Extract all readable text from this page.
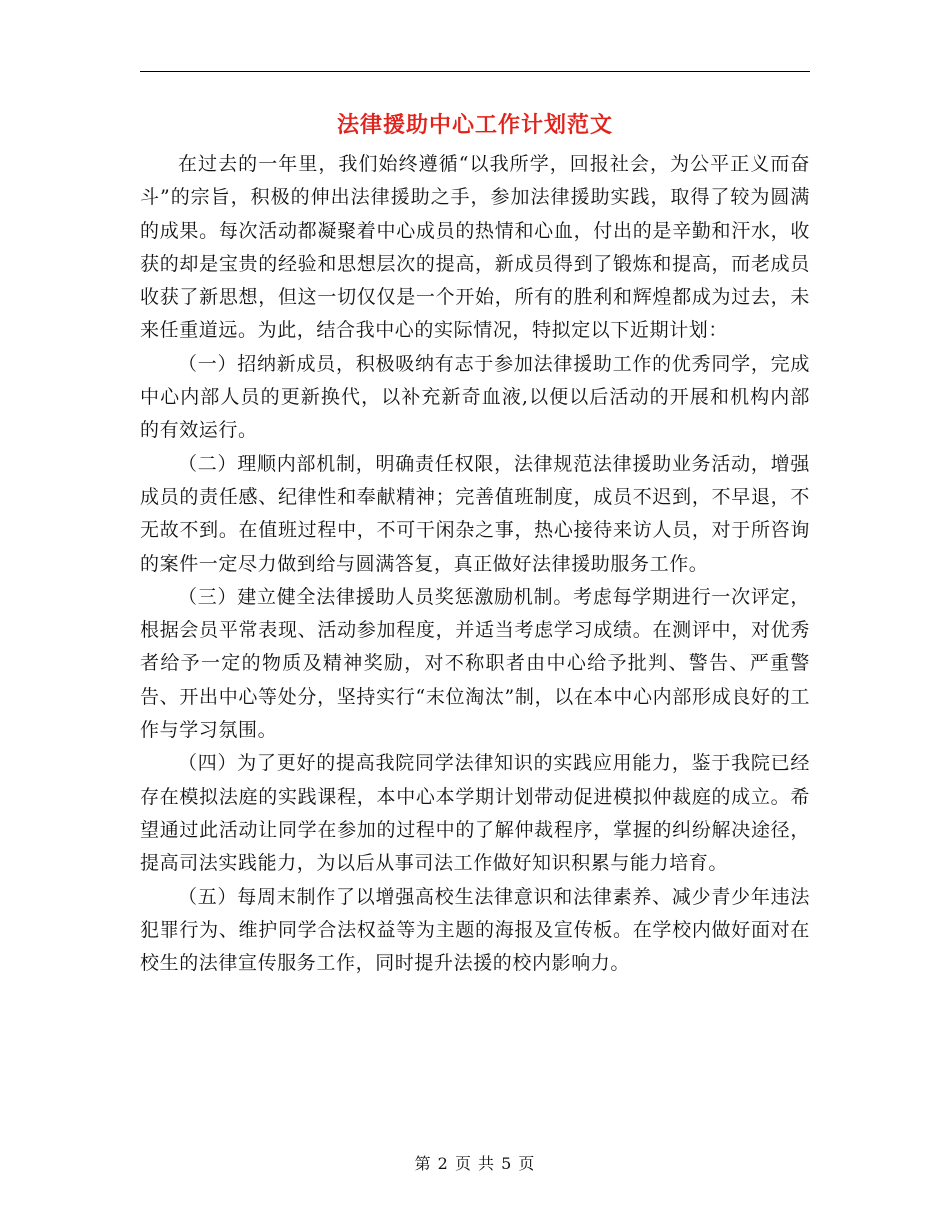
法律援助中心工作计划范文

在过去的一年里，我们始终遵循“以我所学，回报社会，为公平正义而奋斗”的宗旨，积极的伸出法律援助之手，参加法律援助实践，取得了较为圆满的成果。每次活动都凝聚着中心成员的热情和心血，付出的是辛勤和汗水，收获的却是宝贵的经验和思想层次的提高，新成员得到了锻炼和提高，而老成员收获了新思想，但这一切仅仅是一个开始，所有的胜利和辉煌都成为过去，未来任重道远。为此，结合我中心的实际情况，特拟定以下近期计划：

（一）招纳新成员，积极吸纳有志于参加法律援助工作的优秀同学，完成中心内部人员的更新换代，以补充新奇血液,以便以后活动的开展和机构内部的有效运行。

（二）理顺内部机制，明确责任权限，法律规范法律援助业务活动，增强成员的责任感、纪律性和奉献精神；完善值班制度，成员不迟到，不早退，不无故不到。在值班过程中，不可干闲杂之事，热心接待来访人员，对于所咨询的案件一定尽力做到给与圆满答复，真正做好法律援助服务工作。

（三）建立健全法律援助人员奖惩激励机制。考虑每学期进行一次评定，根据会员平常表现、活动参加程度，并适当考虑学习成绩。在测评中，对优秀者给予一定的物质及精神奖励，对不称职者由中心给予批判、警告、严重警告、开出中心等处分，坚持实行“末位淘汰”制，以在本中心内部形成良好的工作与学习氛围。

（四）为了更好的提高我院同学法律知识的实践应用能力，鉴于我院已经存在模拟法庭的实践课程，本中心本学期计划带动促进模拟仲裁庭的成立。希望通过此活动让同学在参加的过程中的了解仲裁程序，掌握的纠纷解决途径，提高司法实践能力，为以后从事司法工作做好知识积累与能力培育。

（五）每周末制作了以增强高校生法律意识和法律素养、减少青少年违法犯罪行为、维护同学合法权益等为主题的海报及宣传板。在学校内做好面对在校生的法律宣传服务工作，同时提升法援的校内影响力。

第 2 页 共 5 页
